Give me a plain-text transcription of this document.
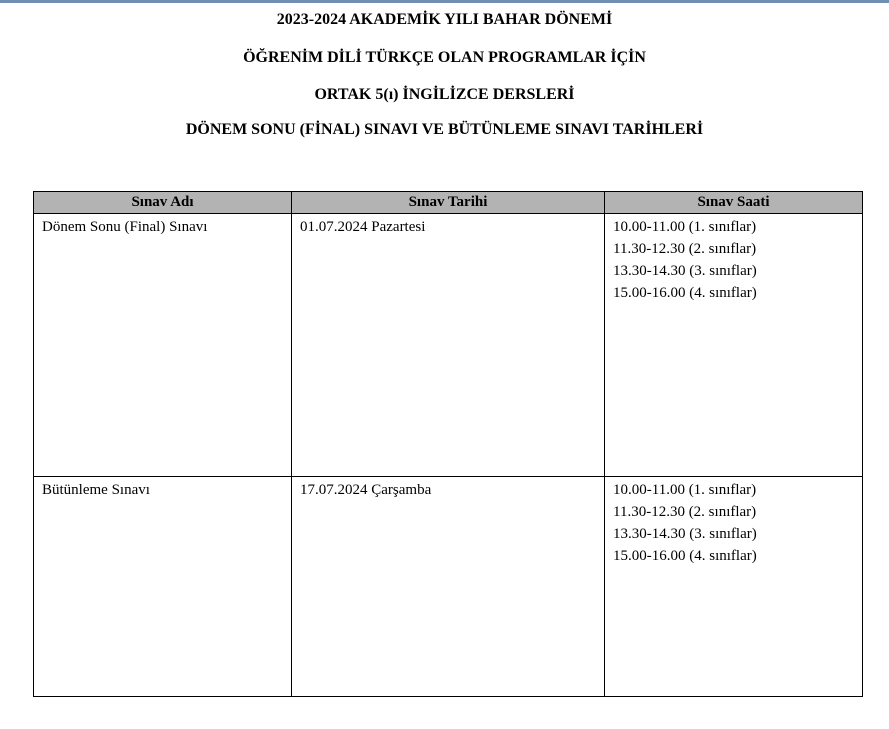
2023-2024 AKADEMİK YILI BAHAR DÖNEMİ
ÖĞRENİM DİLİ TÜRKÇE OLAN PROGRAMLAR İÇİN
ORTAK 5(ı) İNGİLİZCE DERSLERİ
DÖNEM SONU (FİNAL) SINAVI VE BÜTÜNLEME SINAVI TARİHLERİ
Sınav Adı	Sınav Tarihi	Sınav Saati
Dönem Sonu (Final) Sınavı	01.07.2024 Pazartesi	10.00-11.00 (1. sınıflar)
11.30-12.30 (2. sınıflar)
13.30-14.30 (3. sınıflar)
15.00-16.00 (4. sınıflar)

Bütünleme Sınavı	17.07.2024 Çarşamba	10.00-11.00 (1. sınıflar)
11.30-12.30 (2. sınıflar)
13.30-14.30 (3. sınıflar)
15.00-16.00 (4. sınıflar)
